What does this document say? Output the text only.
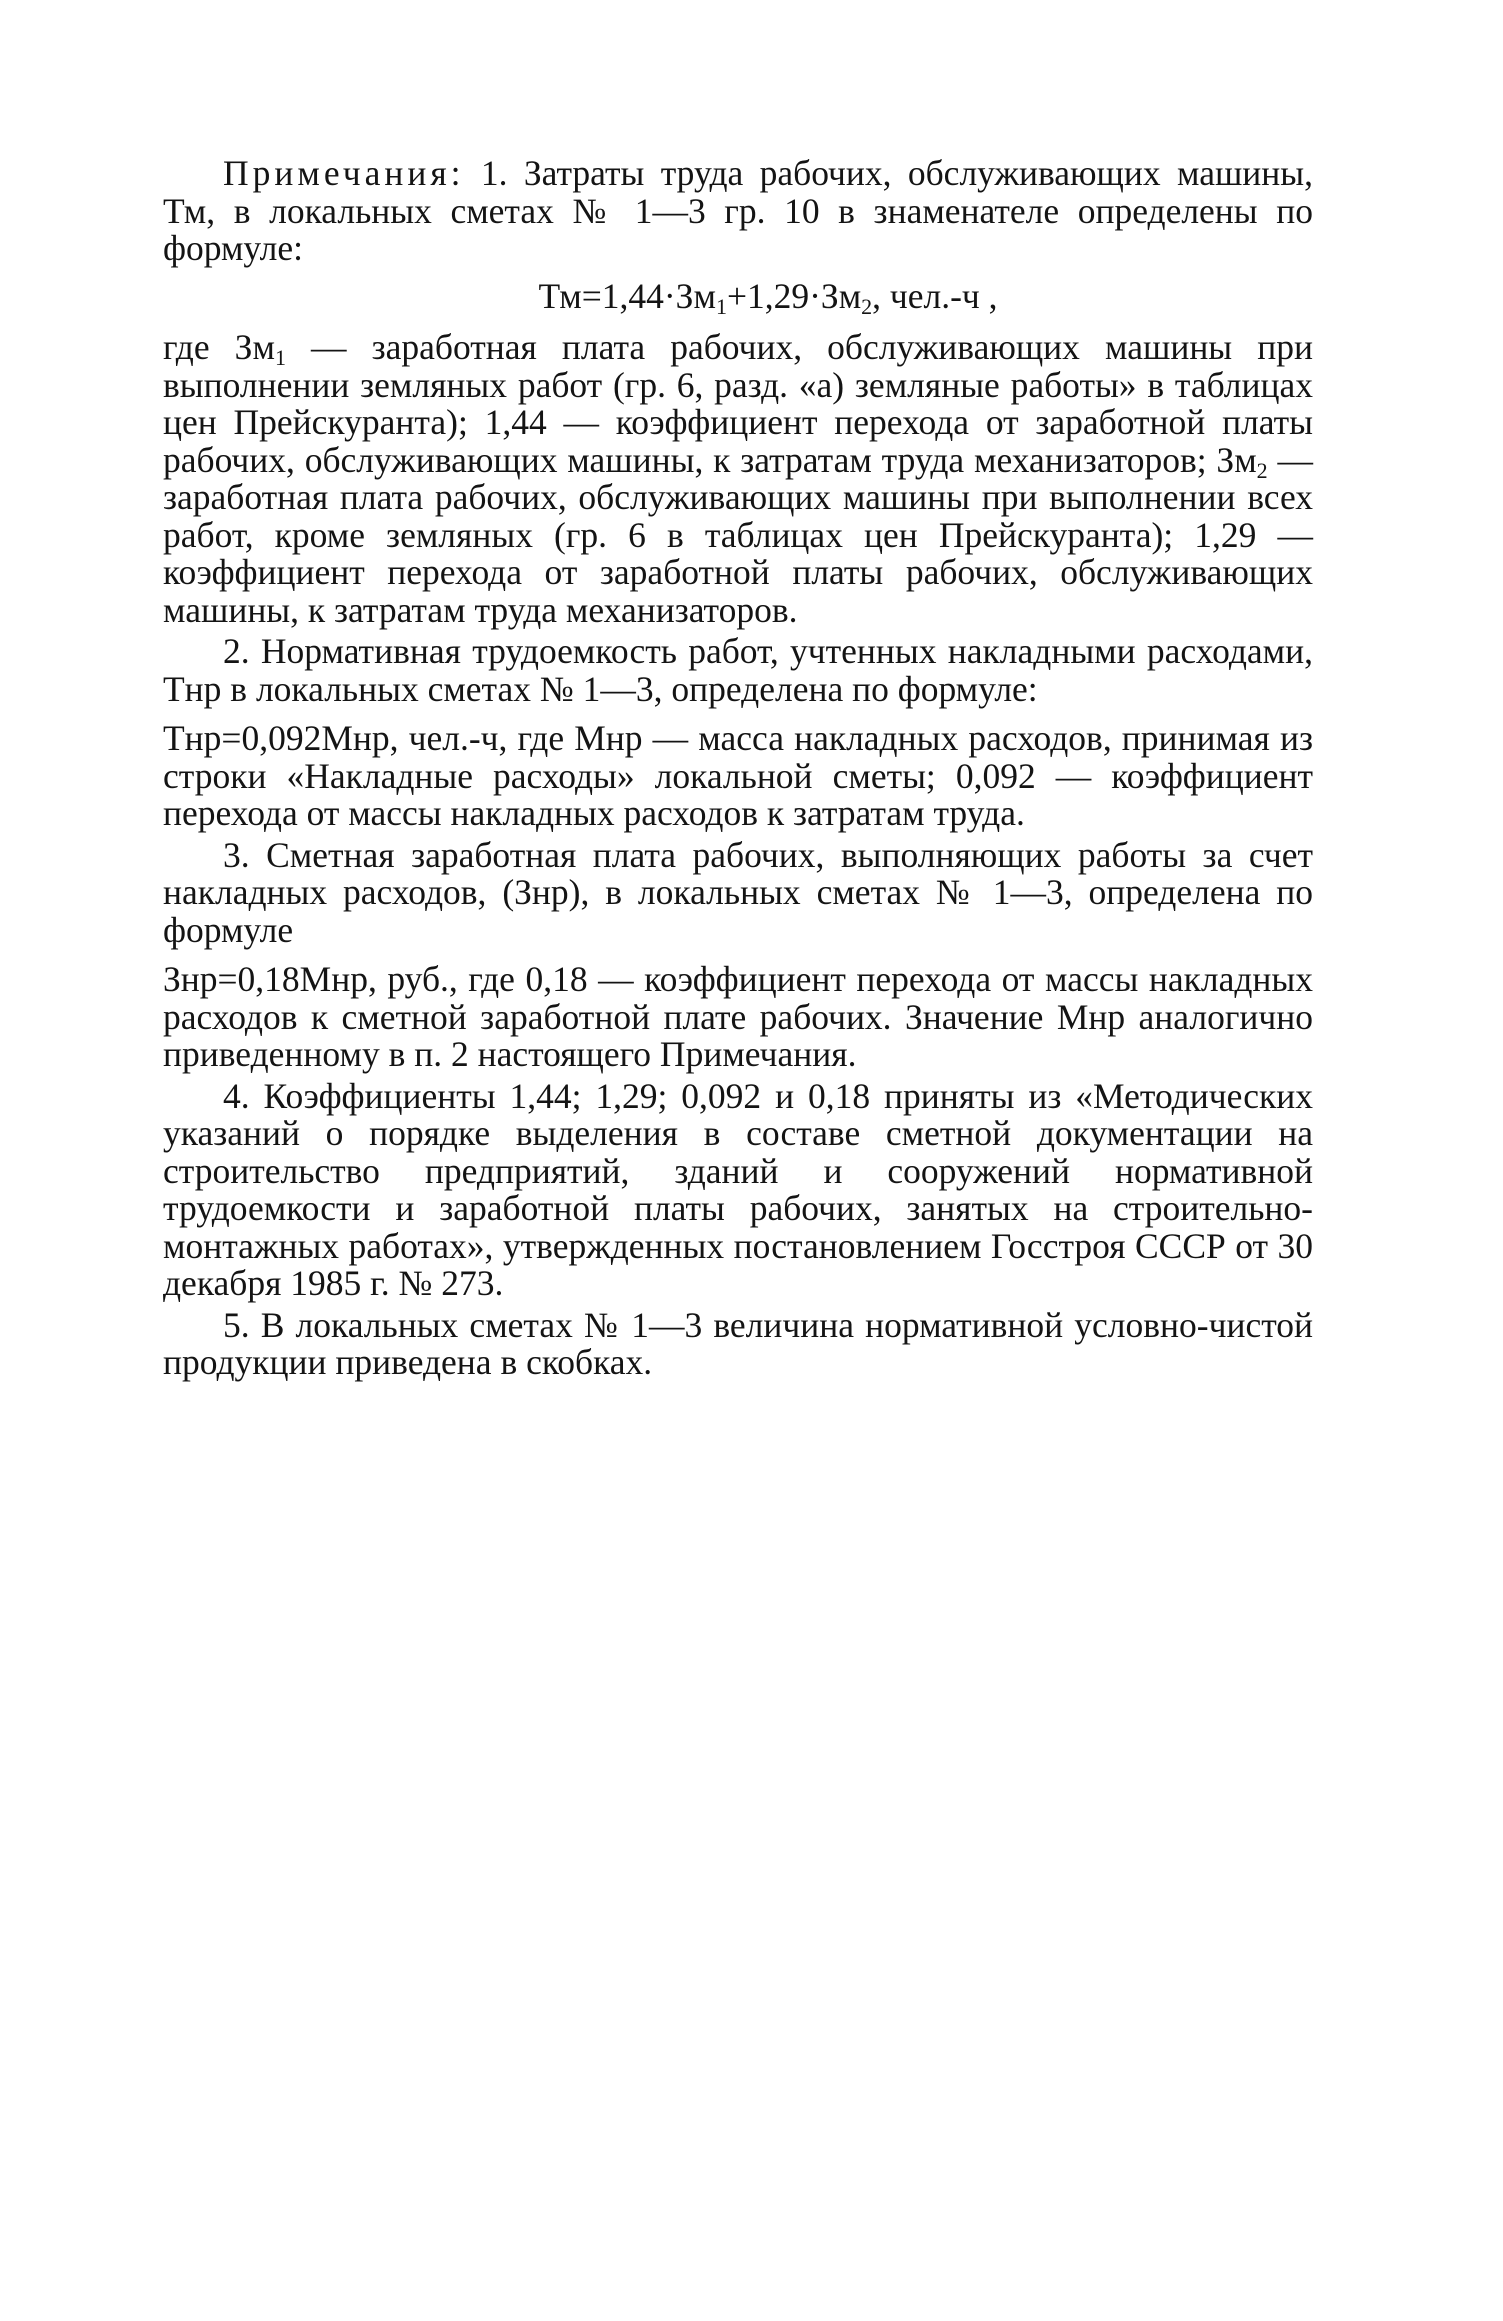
Примечания: 1. Затраты труда рабочих, обслуживающих машины, Тм, в локальных сметах № 1—3 гр. 10 в знаменателе определены по формуле:

$Тм=1,44\cdot Зм_1+1,29\cdot Зм_2$, чел.-ч ,

где $Зм_1$ — заработная плата рабочих, обслуживающих машины при выполнении земляных работ (гр. 6, разд. «а) земляные работы» в таблицах цен Прейскуранта); 1,44 — коэффициент перехода от заработной платы рабочих, обслуживающих машины, к затратам труда механизаторов; $Зм_2$ — заработная плата рабочих, обслуживающих машины при выполнении всех работ, кроме земляных (гр. 6 в таблицах цен Прейскуранта); 1,29 — коэффициент перехода от заработной платы рабочих, обслуживающих машины, к затратам труда механизаторов.

2. Нормативная трудоемкость работ, учтенных накладными расходами, Тнр в локальных сметах № 1—3, определена по формуле:

Тнр=0,092Мнр, чел.-ч, где Мнр — масса накладных расходов, принимая из строки «Накладные расходы» локальной сметы; 0,092 — коэффициент перехода от массы накладных расходов к затратам труда.

3. Сметная заработная плата рабочих, выполняющих работы за счет накладных расходов, (Знр), в локальных сметах № 1—3, определена по формуле

Знр=0,18Мнр, руб., где 0,18 — коэффициент перехода от массы накладных расходов к сметной заработной плате рабочих. Значение Мнр аналогично приведенному в п. 2 настоящего Примечания.

4. Коэффициенты 1,44; 1,29; 0,092 и 0,18 приняты из «Методических указаний о порядке выделения в составе сметной документации на строительство предприятий, зданий и сооружений нормативной трудоемкости и заработной платы рабочих, занятых на строительно-монтажных работах», утвержденных постановлением Госстроя СССР от 30 декабря 1985 г. № 273.

5. В локальных сметах № 1—3 величина нормативной условно-чистой продукции приведена в скобках.
